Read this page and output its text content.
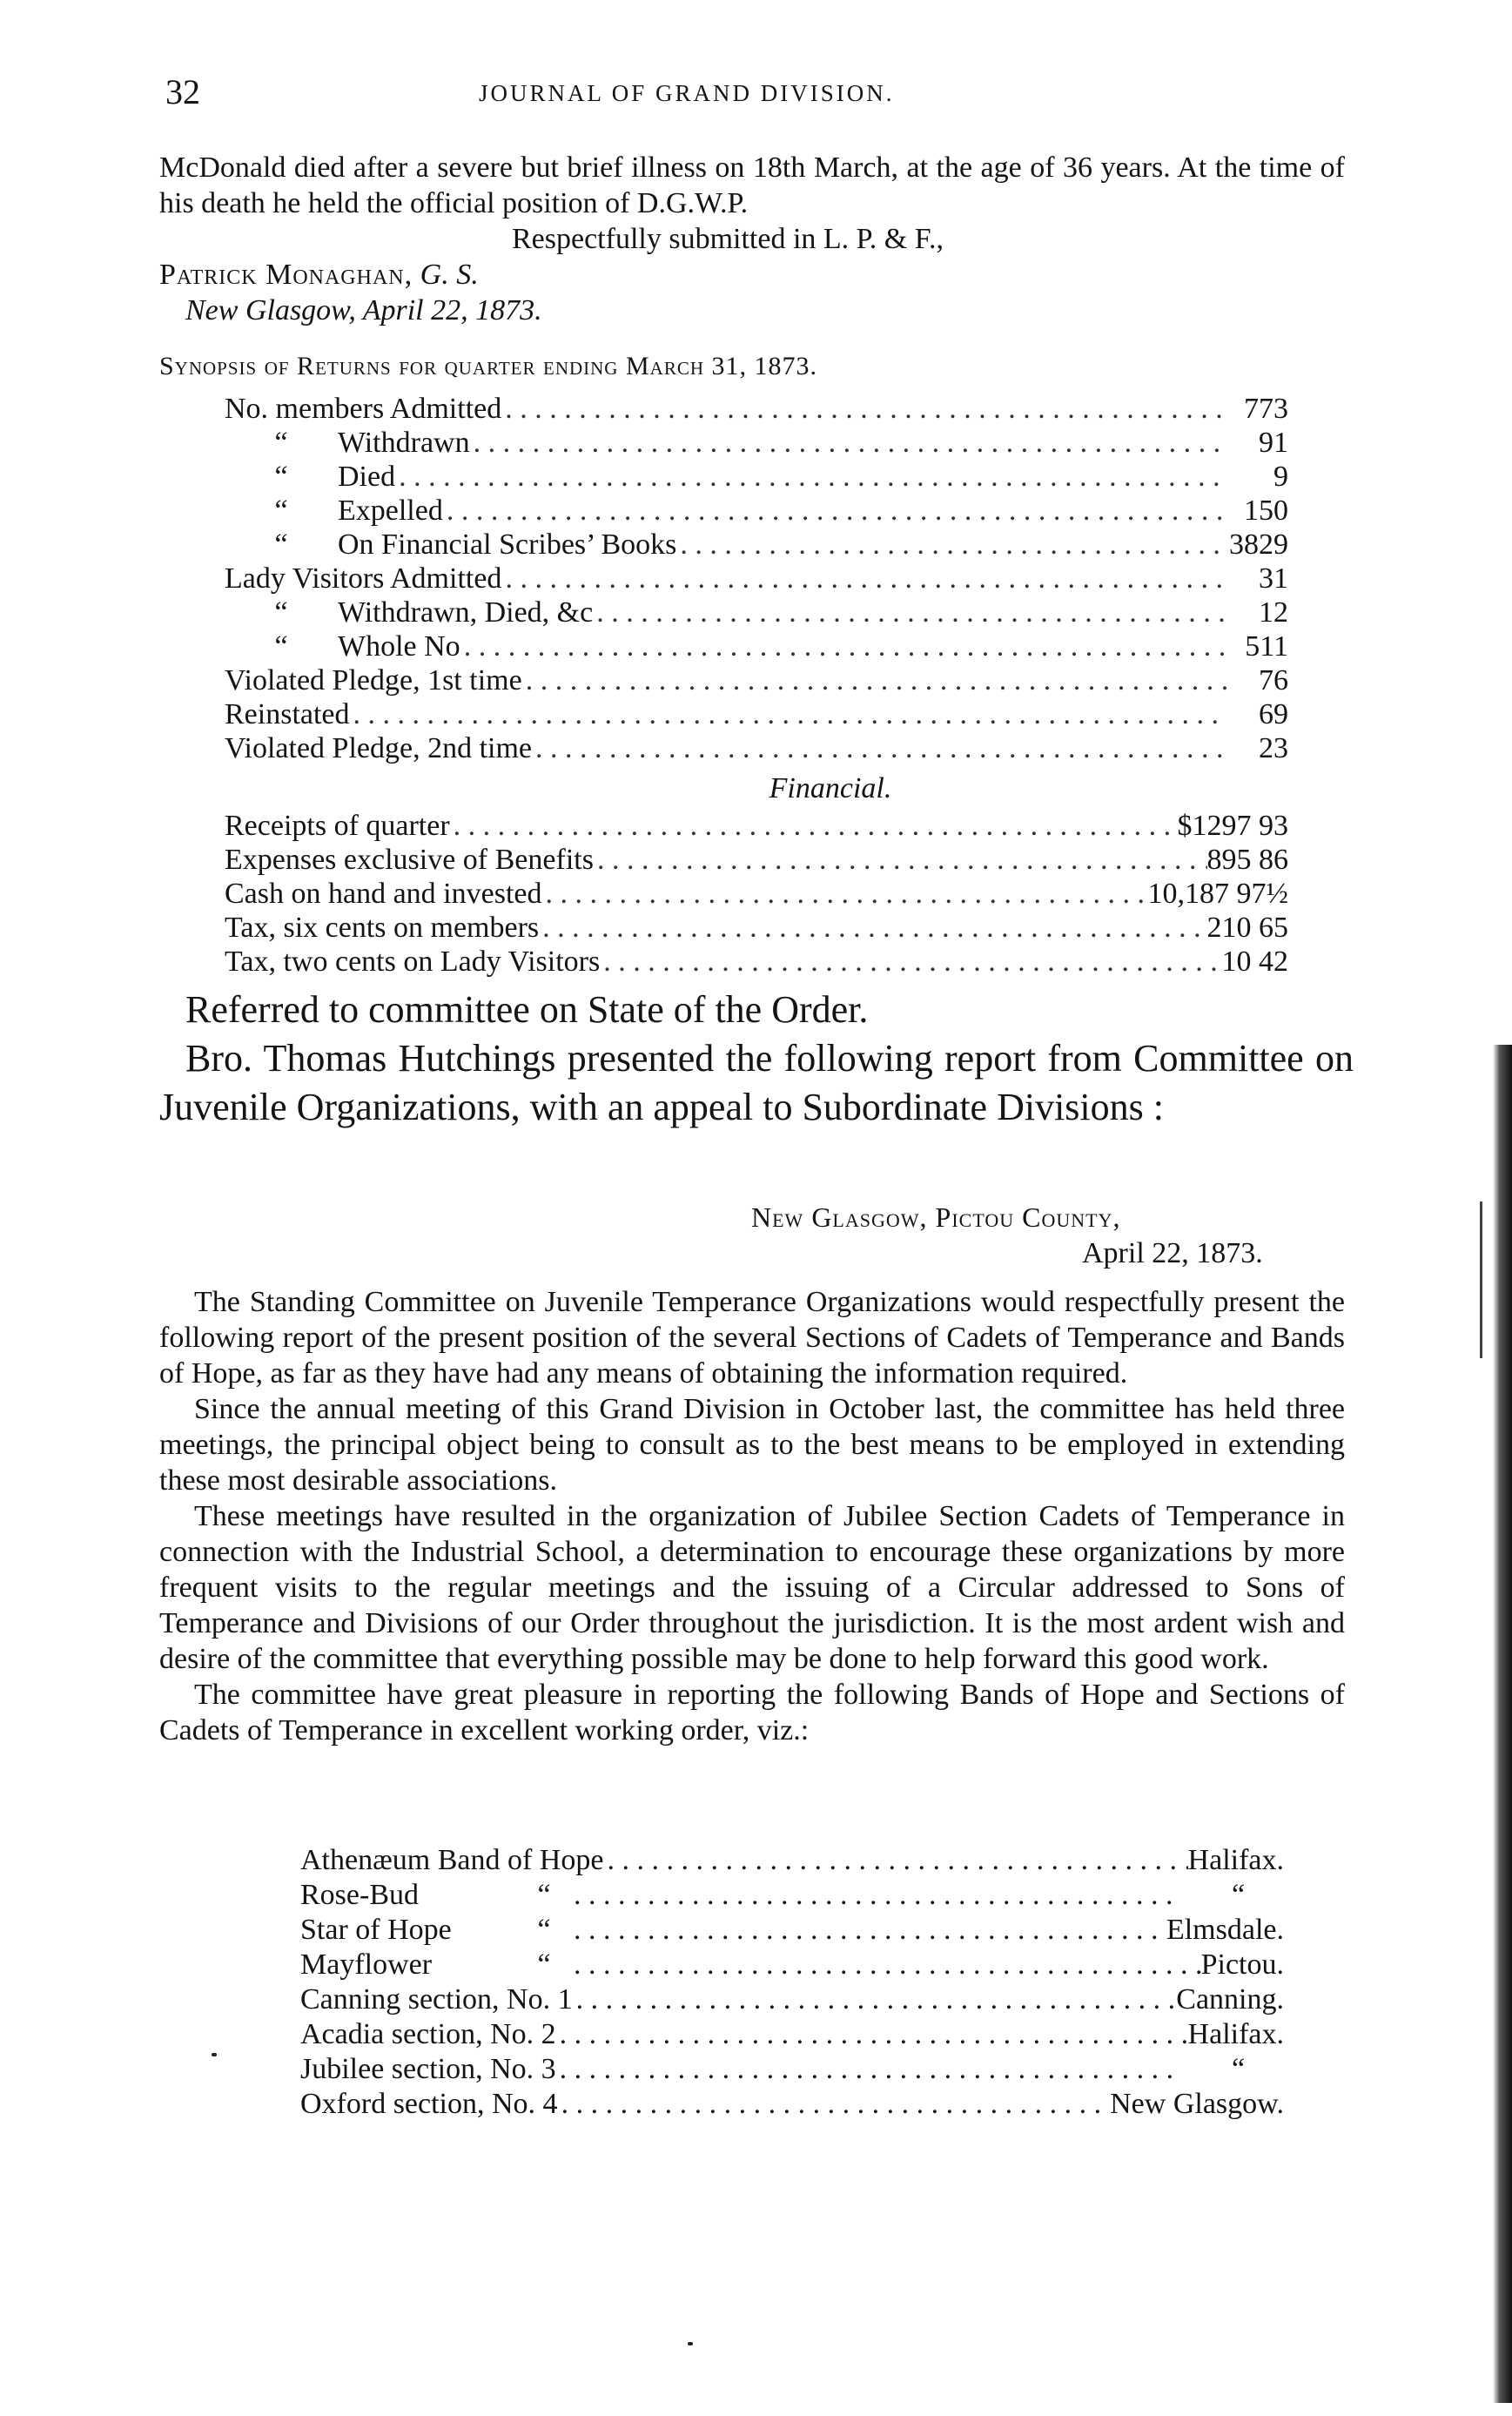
32	JOURNAL OF GRAND DIVISION.

McDonald died after a severe but brief illness on 18th March, at the age of 36 years. At the time of his death he held the official position of D.G.W.P.

Respectfully submitted in L. P. & F.,

Patrick Monaghan, G. S.

New Glasgow, April 22, 1873.

Synopsis of Returns for quarter ending March 31, 1873.

No. members Admitted . . .	773
“ Withdrawn . . .	91
“ Died . . .	9
“ Expelled . . .	150
“ On Financial Scribes’ Books . . .	3829
Lady Visitors Admitted . . .	31
“ Withdrawn, Died, &c . . .	12
“ Whole No . . .	511
Violated Pledge, 1st time . . .	76
Reinstated . . .	69
Violated Pledge, 2nd time . . .	23
Financial.
Receipts of quarter . . .	$1297 93
Expenses exclusive of Benefits . . .	895 86
Cash on hand and invested . . .	10,187 97½
Tax, six cents on members . . .	210 65
Tax, two cents on Lady Visitors . . .	10 42

Referred to committee on State of the Order.

Bro. Thomas Hutchings presented the following report from Committee on Juvenile Organizations, with an appeal to Subordinate Divisions :

New Glasgow, Pictou County,

April 22, 1873.

The Standing Committee on Juvenile Temperance Organizations would respectfully present the following report of the present position of the several Sections of Cadets of Temperance and Bands of Hope, as far as they have had any means of obtaining the information required.

Since the annual meeting of this Grand Division in October last, the committee has held three meetings, the principal object being to consult as to the best means to be employed in extending these most desirable associations.

These meetings have resulted in the organization of Jubilee Section Cadets of Temperance in connection with the Industrial School, a determination to encourage these organizations by more frequent visits to the regular meetings and the issuing of a Circular addressed to Sons of Temperance and Divisions of our Order throughout the jurisdiction. It is the most ardent wish and desire of the committee that everything possible may be done to help forward this good work.

The committee have great pleasure in reporting the following Bands of Hope and Sections of Cadets of Temperance in excellent working order, viz.:

Athenæum Band of Hope . . .	Halifax.
Rose-Bud	“ . . .	“
Star of Hope	“ . . .	Elmsdale.
Mayflower	“ . . .	Pictou.
Canning section, No. 1 . . .	Canning.
Acadia section, No. 2 . . .	Halifax.
Jubilee section, No. 3 . . .	“
Oxford section, No. 4 . . .	New Glasgow.
